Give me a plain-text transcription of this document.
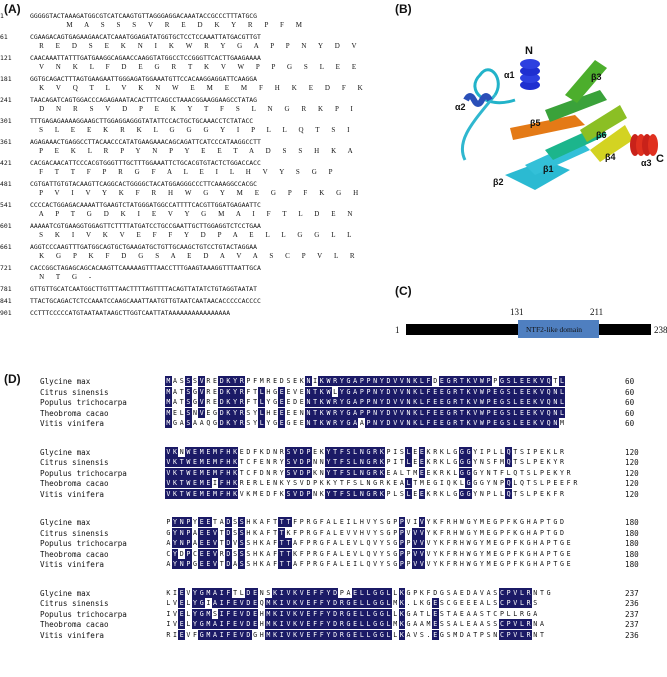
(A)
1	GGGGGTACTAAAGATGGCGTCATCAAGTGTTAGGGAGGACAAATACCGCCCTTTATGCG
M  A  S  S  S  V  R  E  D  K  Y  R  P  F  M
61	CGAAGACAGTGAGAAGAACATCAAATGGAGATATGGTGCTCCTCCAAATTATGACGTTGT
R  E  D  S  E  K  N  I  K  W  R  Y  G  A  P  P  N  Y  D  V
121	CAACAAATTATTTGATGAAGGCAGAACCAAGGTATGGCCTCCGGGTTCACTTGAAGAAAA
V  N  K  L  F  D  E  G  R  T  K  V  W  P  P  G  S  L  E  E
181	GGTGCAGACTTTAGTGAAGAATTGGGAGATGGAAATGTTCCACAAGGAGGATTCAAGGA
K  V  Q  T  L  V  K  N  W  E  M  E  M  F  H  K  E  D  F  K
241	TAACAGATCAGTGGACCCAGAGAAATACACTTTCAGCCTAAACGGAAGGAAGCCTATAG
D  N  R  S  V  D  P  E  K  Y  T  F  S  L  N  G  R  K  P  I
301	TTTGAGAGAAAAGGAAGCTTGGAGGAGGGTATATTCCACTGCTGCAAACCTCTATACC
S  L  E  E  K  R  K  L  G  G  G  Y  I  P  L  L  Q  T  S  I
361	AGAGAAACTGAGGCCTTACAACCCATATGAAGAAACAGCAGATTCATCCCATAAGGCCTT
P  E  K  L  R  P  Y  N  P  Y  E  E  T  A  D  S  S  H  K  A
421	CACGACAACATTCCCACGTGGGTTTGCTTTGGAAATTCTGCACGTGTACTCTGGACCACC
F  T  T  F  P  R  G  F  A  L  E  I  L  H  V  Y  S  G  P
481	CGTGATTGTGTACAAGTTCAGGCACTGGGGCTACATGGAGGGCCCTTCAAAGGCCACGC
P  V  I  V  Y  K  F  R  H  W  G  Y  M  E  G  P  F  K  G  H
541	CCCCACTGGAGACAAAATTGAAGTCTATGGGATGGCCATTTTCACGTTGGATGAGAATTC
A  P  T  G  D  K  I  E  V  Y  G  M  A  I  F  T  L  D  E  N
601	AAAAATCGTGAAGGTGGAGTTCTTTTATGATCCTGCCGAATTGCTTGGAGGTCTCCTGAA
S  K  I  V  K  V  E  F  F  Y  D  P  A  E  L  L  G  G  L  L
661	AGGTCCCAAGTTTGATGGCAGTGCTGAAGATGCTGTTGCAAGCTGTCCTGTACTAGGAA
K  G  P  K  F  D  G  S  A  E  D  A  V  A  S  C  P  V  L  R
721	CACCGGCTAGAGCAGCACAAGTTCAAAAAGTTTAACCTTTGAAGTAAAGGTTTAATTGCA
N  T  G  -
781	GTTGTTGCATCAATGGCTTGTTTAACTTTTAGTTTTACAGTTATATCTGTAGGTAATAT
841	TTACTGCAGACTCTCCAAATCCAAGCAAATTAATGTTGTAATCAATAACACCCCCACCCC
901	CCTTTCCCCCATGTAATAATAAGCTTGGTCAATTATAAAAAAAAAAAAAAAA
(B)
N
C
α1
α2
α3
β1
β2
β3
β4
β5
β6
(C)
1	238
131	211
NTF2-like domain
(D)	Glycine max	M A S S S V R E D K Y R P F M R E D S E K N I K W R Y G A P P N Y D V V N K L F D E G R T K V W P P G S L E E K V Q T L	60
Citrus sinensis	M A T S G V R E D K Y R F T L H G E E V E N T K W L Y G A P P N Y D V V N K L F E E G R T K V W P E G S L E E K V Q N L	60
Populus trichocarpa	M A T S G V R E D K Y R F T L Y G E E D E N T K W R Y G A P P N Y D V V N K L F E E G R T K V W P E G S L E E K V Q N L	60
Theobroma cacao	M E L S N V E G D K Y R S Y L H E E E E N N T K W R Y G A P P N Y D V V N K L F E E G R T K V W P E G S L E E K V Q N L	60
Vitis vinifera	M G A S A A Q G D K Y R S Y L Y G E G E E N T K W R Y G A A P N Y D V V N K L F E E G R T K V W P E G S L E E K V Q N M	60
Glycine max	V K N W E M E M F H K E D F K D N R S V D P E K Y T F S L N G R K P I S L E E K R K L G G G Y I P L L Q T S I P E K L R	120
Citrus sinensis	V K T W E M E M F H K T C F E N R Y S V D P N N Y T F S L N G R K P I T L E E K R K L G G G Y N S F M Q T S L P E K Y R	120
Populus trichocarpa	V K T W E M E M F H K T C F D N R Y S V D P K N Y T F S L N G R K E A L T M E E K R K L G G G Y N T F L Q T S L P E K Y R	120
Theobroma cacao	V K T W E M E I F H K R E R L E N K Y S V D P K K Y T F S L N G R K E A L T M E G I Q K L G G G Y N P Q L Q T S L P E E F R	120
Vitis vinifera	V K T W E M E M F H K V K M E D F K S V D P N K Y T F S L N G R K P L S L E E K R K L G G G Y N P L L Q T S L P E K F R	120
Glycine max	P Y N P Y E E T A D S S H K A F T T T F P R G F A L E I L H V Y S G P P V I V Y K F R H W G Y M E G P F K G H A P T G D	180
Citrus sinensis	G Y N P A E E V T D S S H K A F T T K F P R G F A L E V V H V Y S G P P V V V Y K F R H W G Y M E G P F K G H A P T G D	180
Populus trichocarpa	A Y N P A E E V T D V S S H K A F T T A F P R G F A L E V L Q V Y S G P P V V V Y K F R H W G Y M E G P F K G H A P T G E	180
Theobroma cacao	C Y D P C E E V R D S S S H K A F T T K F P R G F A L E V L Q V Y S G P P V V V Y K F R H W G Y M E G P F K G H A P T G E	180
Vitis vinifera	A Y N P G E E V T D A S S H K A F T T A F P R G F A L E I L Q V Y S G P P V V V Y K F R H W G Y M E G P F K G H A P T G E	180
Glycine max	K I E V Y G M A I F T L D E N S K I V K V E F F Y D P A E L L G G L L K G P K F D G S A E D A V A S C P V L R N T G	237
Citrus sinensis	L V E L Y G I A I F E V D E Q M K I V K V E F F Y D R G E L L G G L M K . L K G E S C G E E E A L S C P V L R S	236
Populus trichocarpa	I V E L Y G M S I F E V D E H M K I V K V E F F Y D R G E L L G G L L K G A T L E S T A E A A S T C P L L R G A	237
Theobroma cacao	I V E L Y G M A I F E V D E H M K I V K V E F F Y D R G E L L G G L M K G A A M E S S A L E A A S S C P V L R N A	237
Vitis vinifera	R I E V F G M A I F E V D G H M K I V K V E F F Y D R G E L L G G L L K A V S . E G S M D A T P S N C P V L R N T	236
